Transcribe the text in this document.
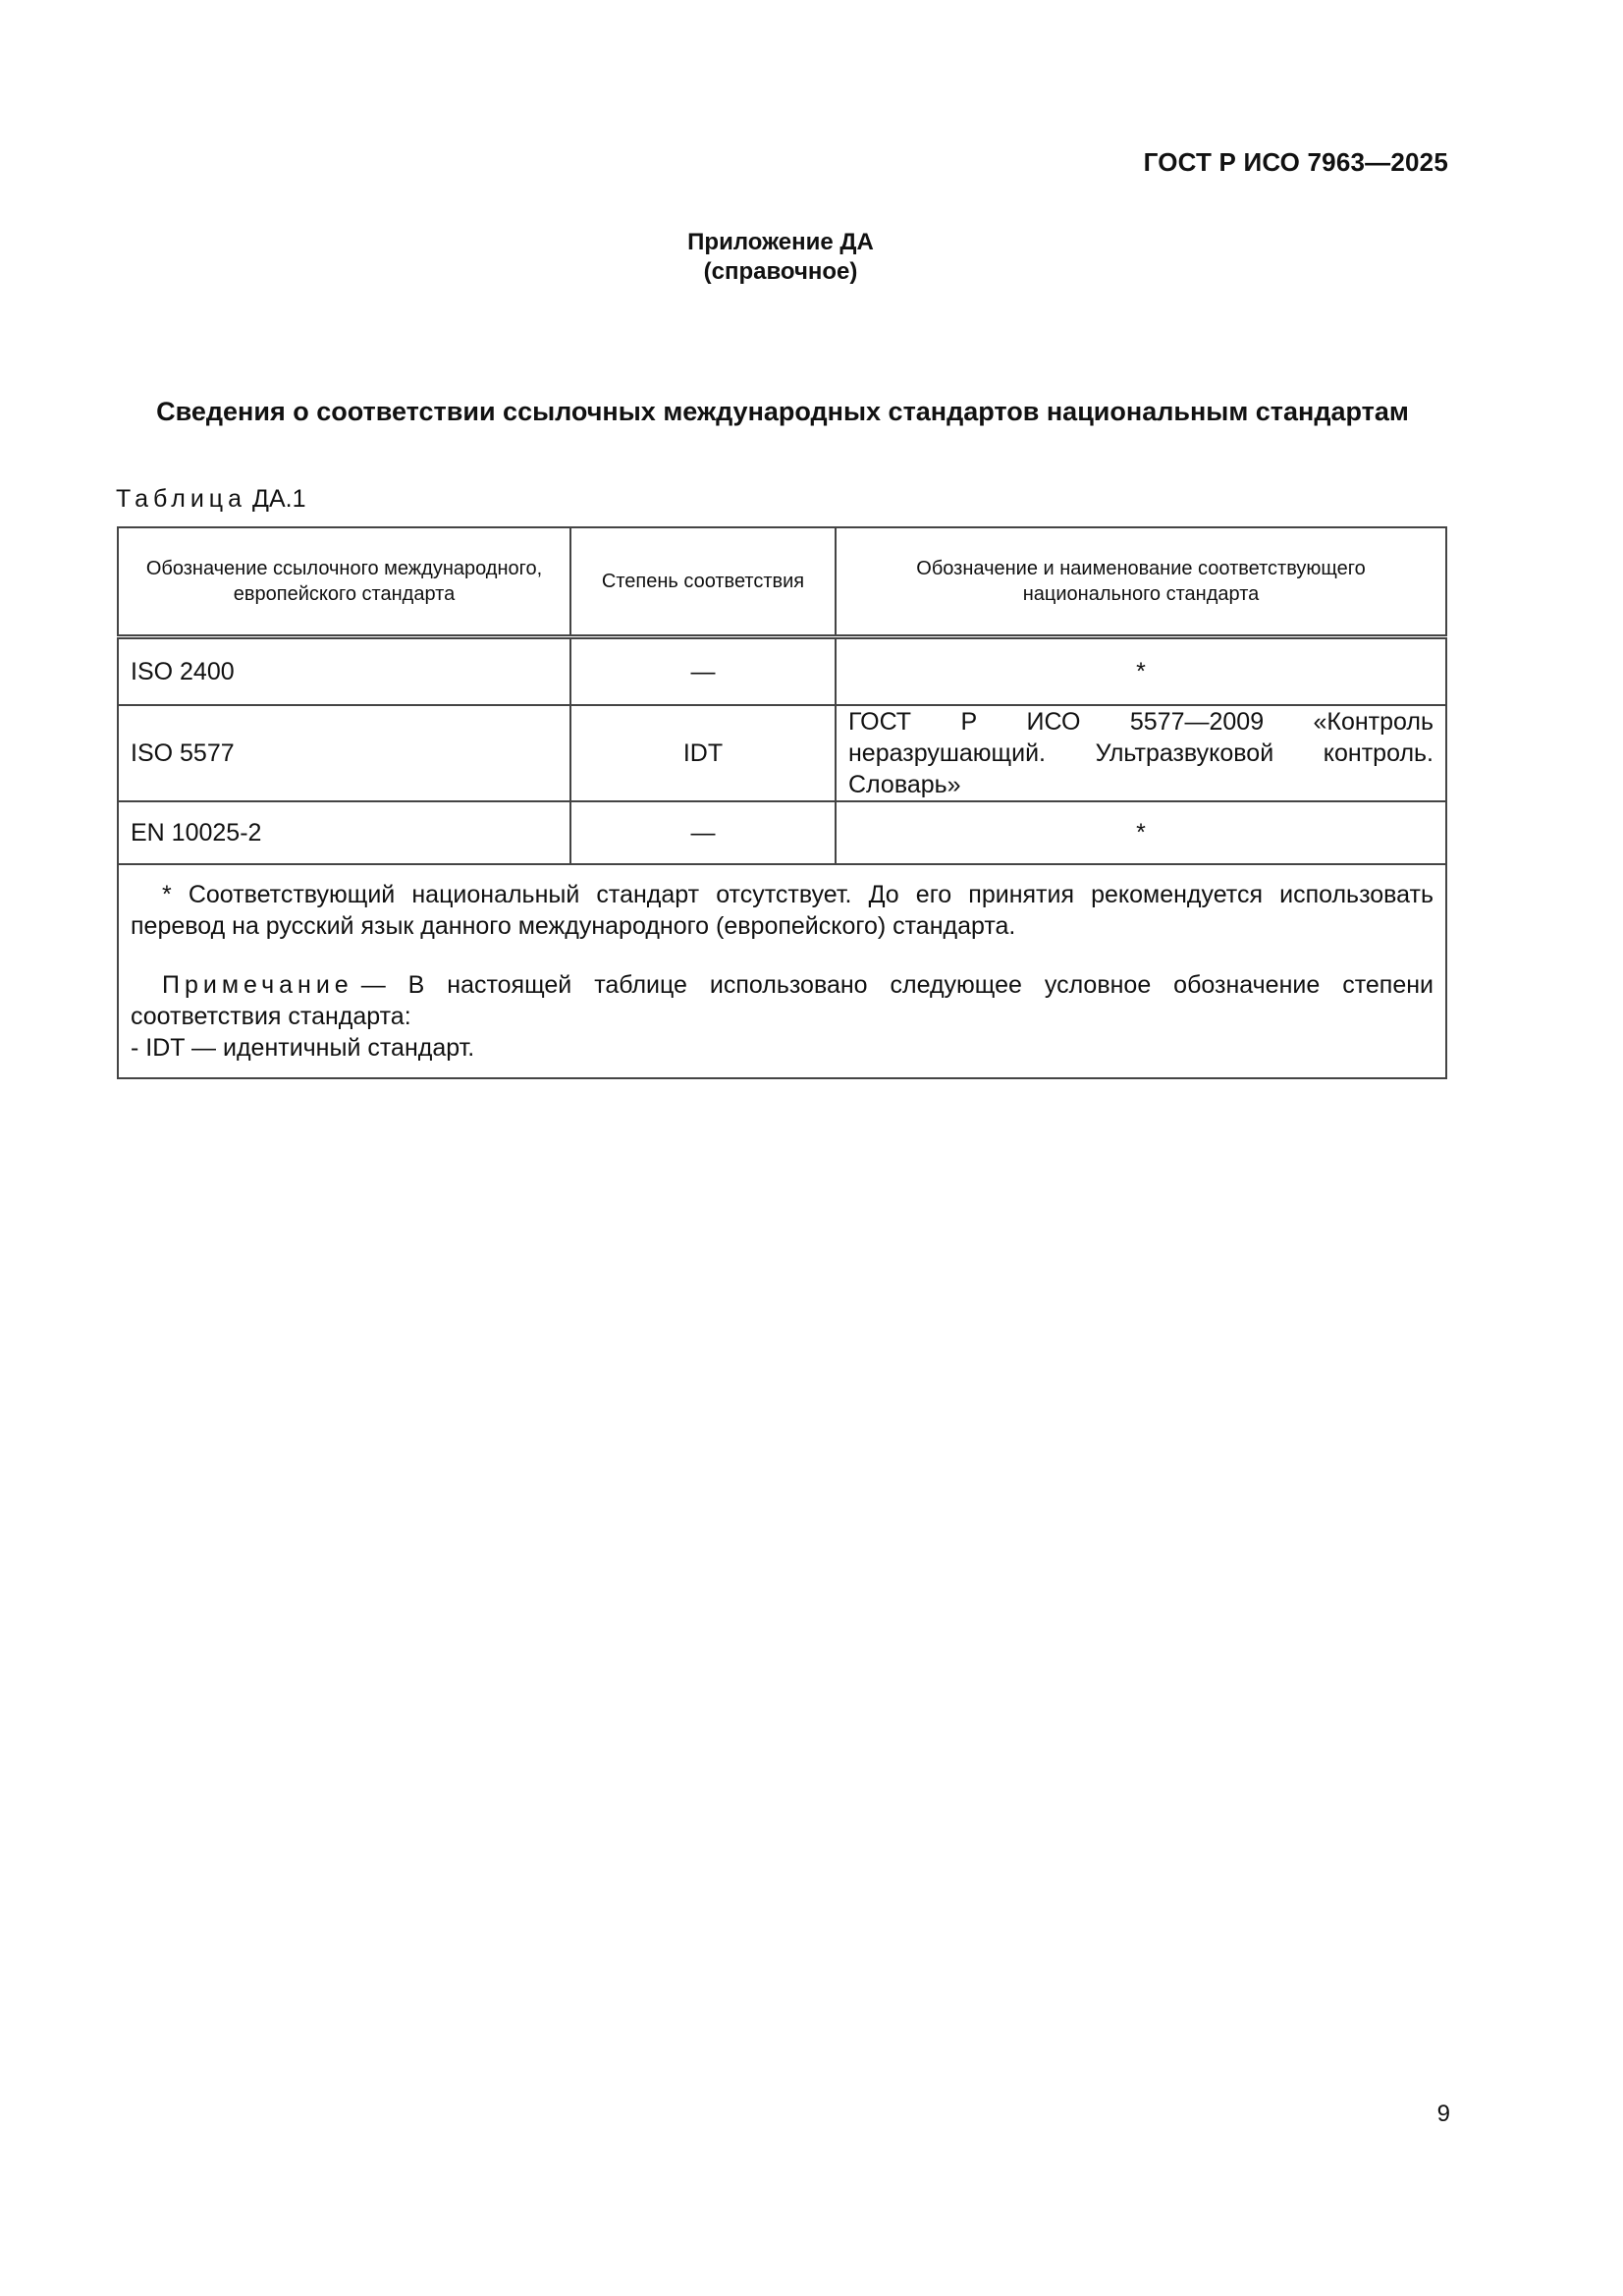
ГОСТ Р ИСО 7963—2025
Приложение ДА
(справочное)
Сведения о соответствии ссылочных международных стандартов национальным стандартам
Таблица ДА.1
Обозначение ссылочного международного, европейского стандарта	Степень соответствия	Обозначение и наименование соответствующего национального стандарта
ISO 2400	—	*
ISO 5577	IDT	ГОСТ Р ИСО 5577—2009 «Контроль неразрушающий. Ультразвуковой контроль. Словарь»
EN 10025-2	—	*

* Соответствующий национальный стандарт отсутствует. До его принятия рекомендуется использовать перевод на русский язык данного международного (европейского) стандарта.

Примечание — В настоящей таблице использовано следующее условное обозначение степени соответствия стандарта:

- IDT — идентичный стандарт.		

9
